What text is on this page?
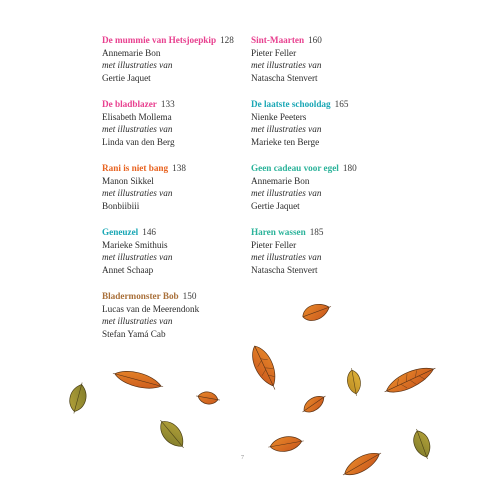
De mummie van Hetsjoepkip 128
Annemarie Bon
met illustraties van
Gertie Jaquet
De bladblazer 133
Elisabeth Mollema
met illustraties van
Linda van den Berg
Rani is niet bang 138
Manon Sikkel
met illustraties van
Bonbiibiii
Geneuzel 146
Marieke Smithuis
met illustraties van
Annet Schaap
Bladermonster Bob 150
Lucas van de Meerendonk
met illustraties van
Stefan Yamá Cab
Sint-Maarten 160
Pieter Feller
met illustraties van
Natascha Stenvert
De laatste schooldag 165
Nienke Peeters
met illustraties van
Marieke ten Berge
Geen cadeau voor egel 180
Annemarie Bon
met illustraties van
Gertie Jaquet
Haren wassen 185
Pieter Feller
met illustraties van
Natascha Stenvert
7
